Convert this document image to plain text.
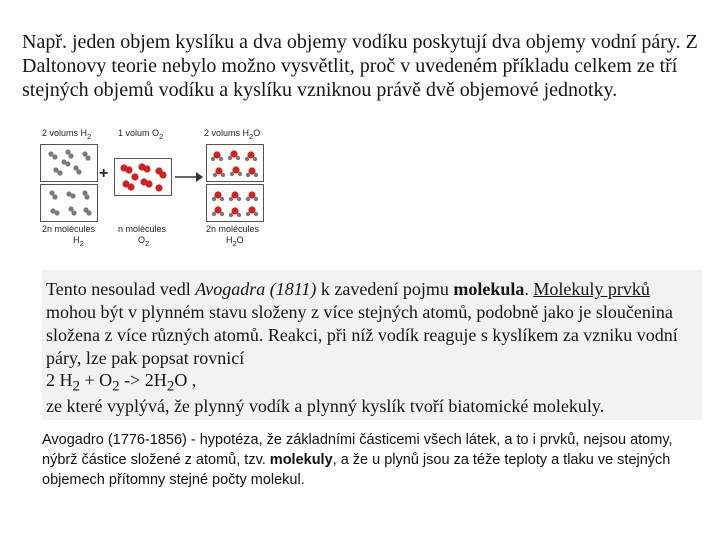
Např. jeden objem kyslíku a dva objemy vodíku poskytují dva objemy vodní páry. Z Daltonovy teorie nebylo možno vysvětlit, proč v uvedeném příkladu celkem ze tří stejných objemů vodíku a kyslíku vzniknou právě dvě objemové jednotky.
2 volums $H_2$	1 volum $O_2$	2 volums $H_2O$
+
2n molécules
$H_2$
n molécules
$O_2$
2n molécules
$H_2O$
Tento nesoulad vedl Avogadra (1811) k zavedení pojmu molekula. Molekuly prvků
mohou být v plynném stavu složeny z více stejných atomů, podobně jako je sloučenina
složena z více různých atomů. Reakci, při níž vodík reaguje s kyslíkem za vzniku vodní
páry, lze pak popsat rovnicí
2 $H_2 + O_2 -> 2H_2O$ ,
ze které vyplývá, že plynný vodík a plynný kyslík tvoří biatomické molekuly.
Avogadro (1776-1856) - hypotéza, že základními částicemi všech látek, a to i prvků, nejsou atomy, nýbrž částice složené z atomů, tzv. molekuly, a že u plynů jsou za téže teploty a tlaku ve stejných objemech přítomny stejné počty molekul.
